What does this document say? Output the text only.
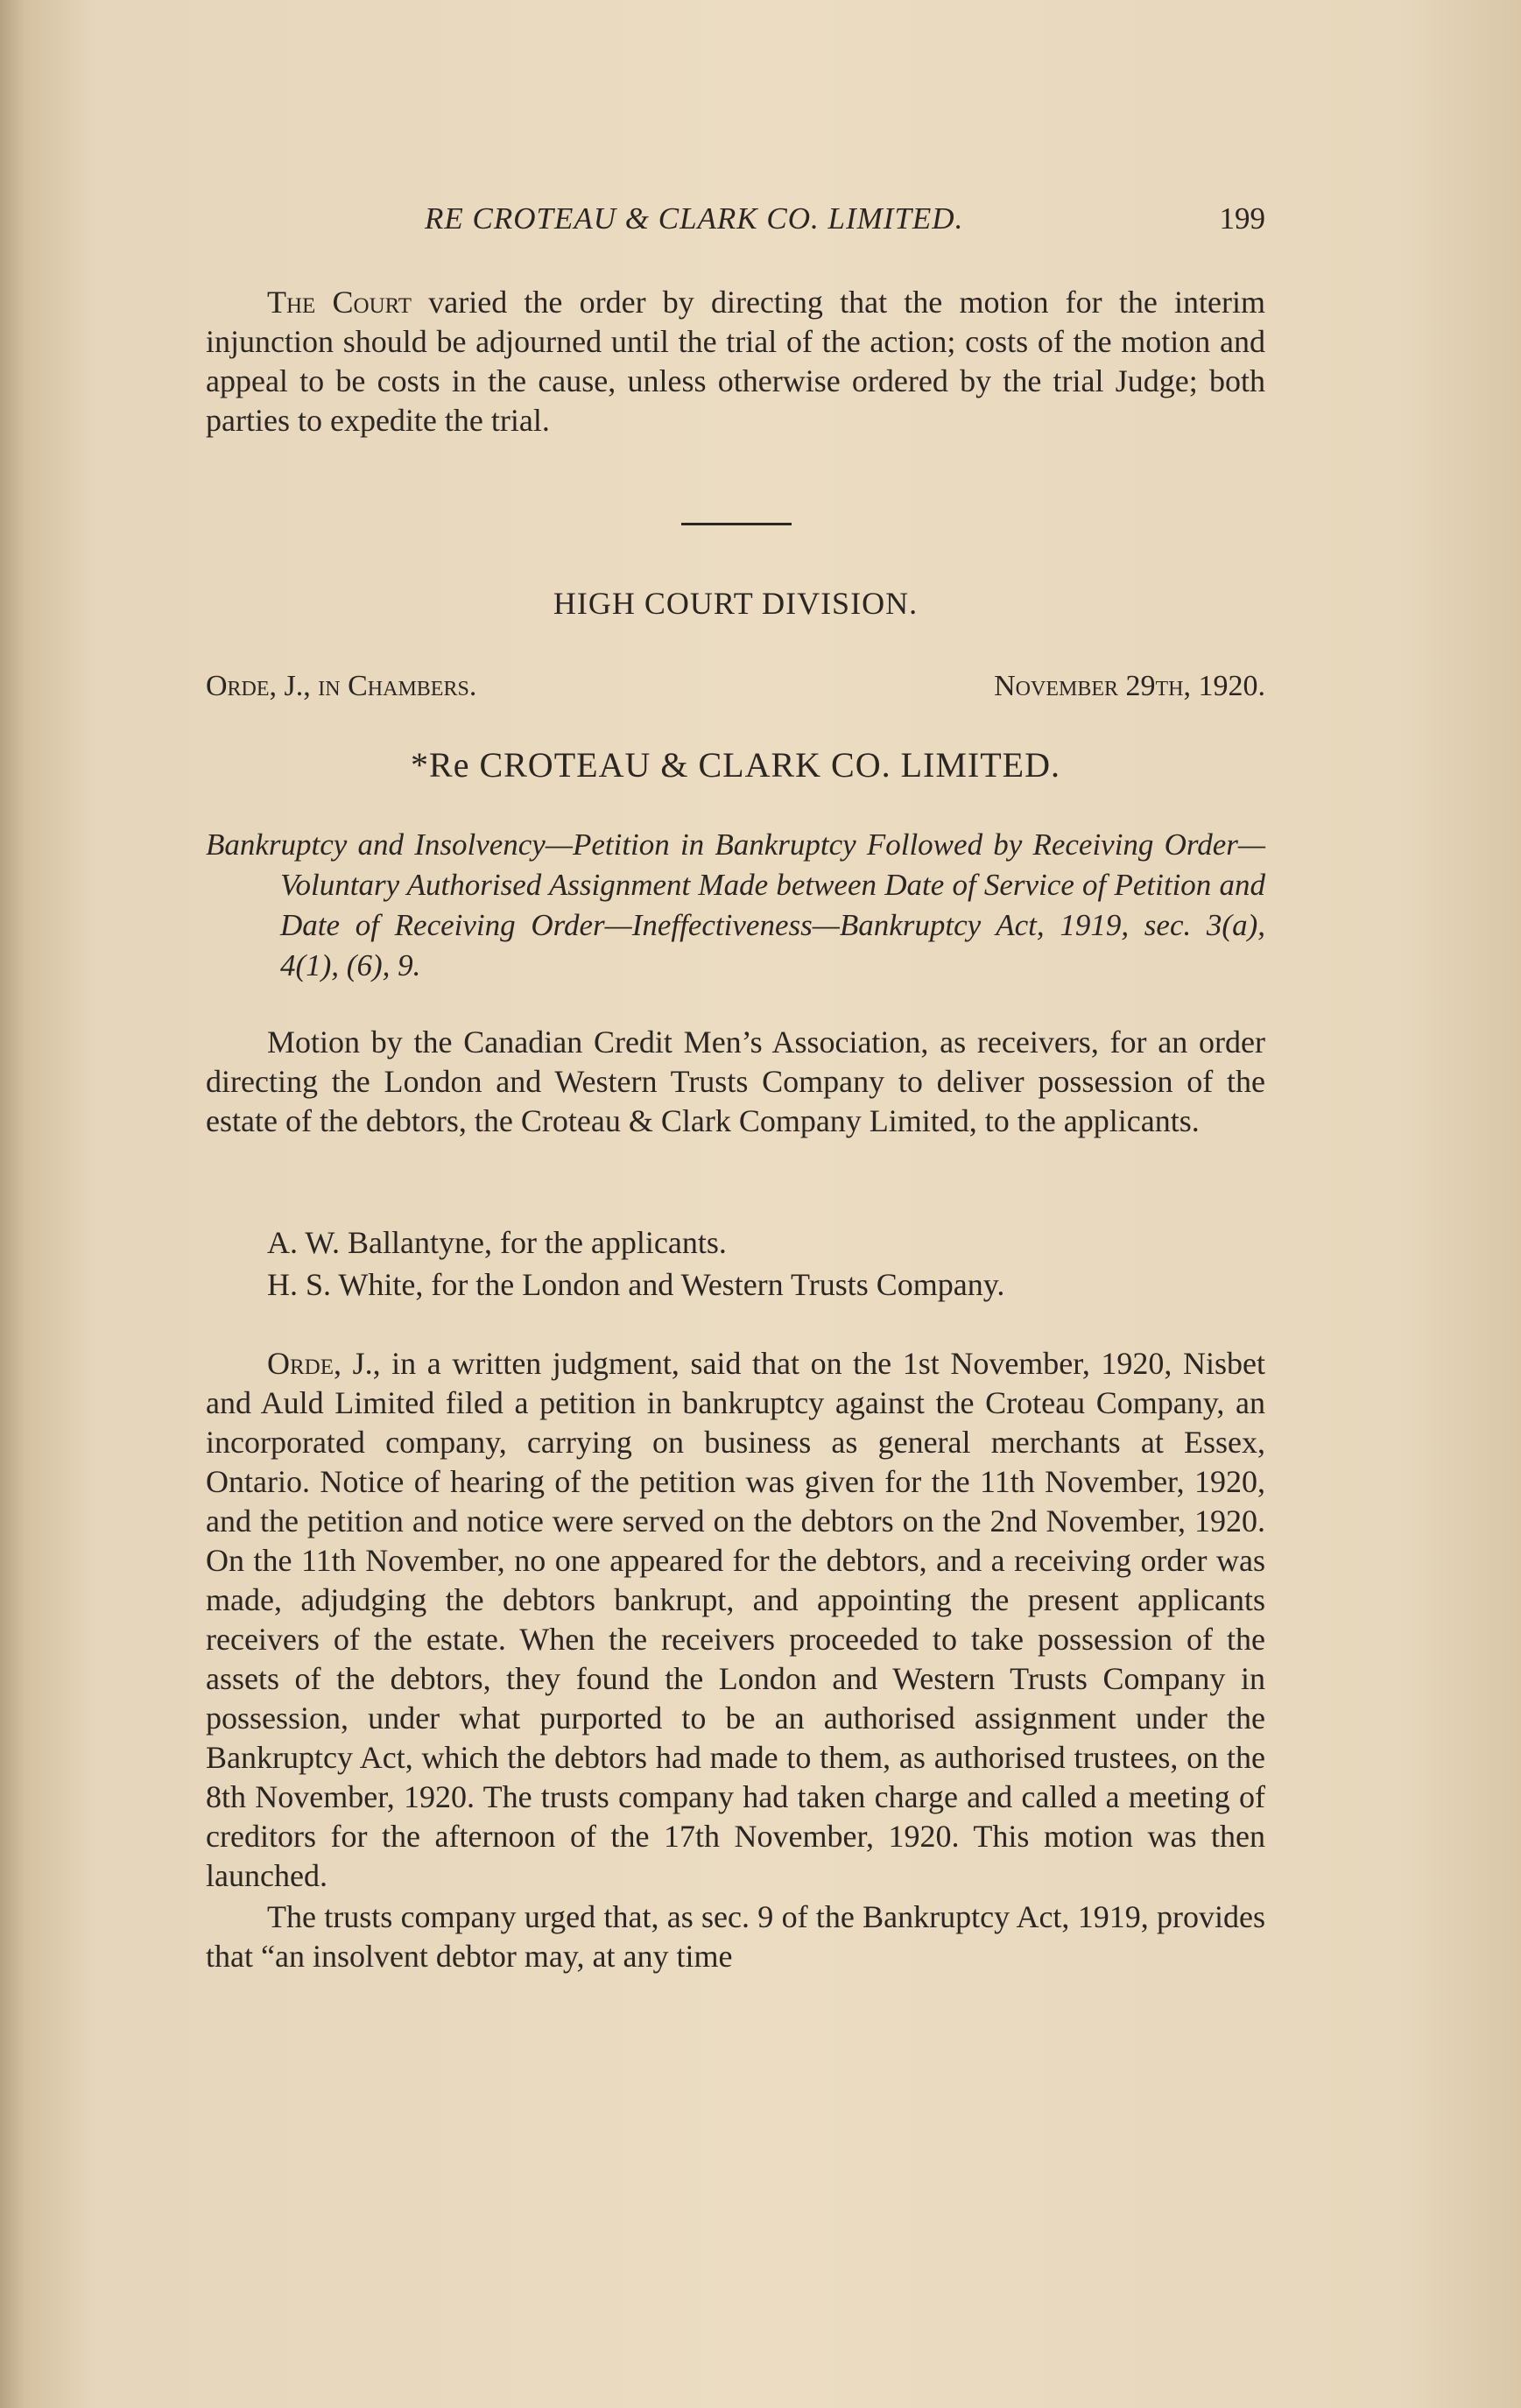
RE CROTEAU & CLARK CO. LIMITED.	199

The Court varied the order by directing that the motion for the interim injunction should be adjourned until the trial of the action; costs of the motion and appeal to be costs in the cause, unless otherwise ordered by the trial Judge; both parties to expedite the trial.

HIGH COURT DIVISION.
Orde, J., in Chambers.	November 29th, 1920.
*Re CROTEAU & CLARK CO. LIMITED.

Bankruptcy and Insolvency—Petition in Bankruptcy Followed by Receiving Order—Voluntary Authorised Assignment Made between Date of Service of Petition and Date of Receiving Order—Ineffectiveness—Bankruptcy Act, 1919, sec. 3(a), 4(1), (6), 9.

Motion by the Canadian Credit Men’s Association, as receivers, for an order directing the London and Western Trusts Company to deliver possession of the estate of the debtors, the Croteau & Clark Company Limited, to the applicants.

A. W. Ballantyne, for the applicants.

H. S. White, for the London and Western Trusts Company.

Orde, J., in a written judgment, said that on the 1st November, 1920, Nisbet and Auld Limited filed a petition in bankruptcy against the Croteau Company, an incorporated company, carrying on business as general merchants at Essex, Ontario. Notice of hearing of the petition was given for the 11th November, 1920, and the petition and notice were served on the debtors on the 2nd November, 1920. On the 11th November, no one appeared for the debtors, and a receiving order was made, adjudging the debtors bankrupt, and appointing the present applicants receivers of the estate. When the receivers proceeded to take possession of the assets of the debtors, they found the London and Western Trusts Company in possession, under what purported to be an authorised assignment under the Bankruptcy Act, which the debtors had made to them, as authorised trustees, on the 8th November, 1920. The trusts company had taken charge and called a meeting of creditors for the afternoon of the 17th November, 1920. This motion was then launched.

The trusts company urged that, as sec. 9 of the Bankruptcy Act, 1919, provides that “an insolvent debtor may, at any time
